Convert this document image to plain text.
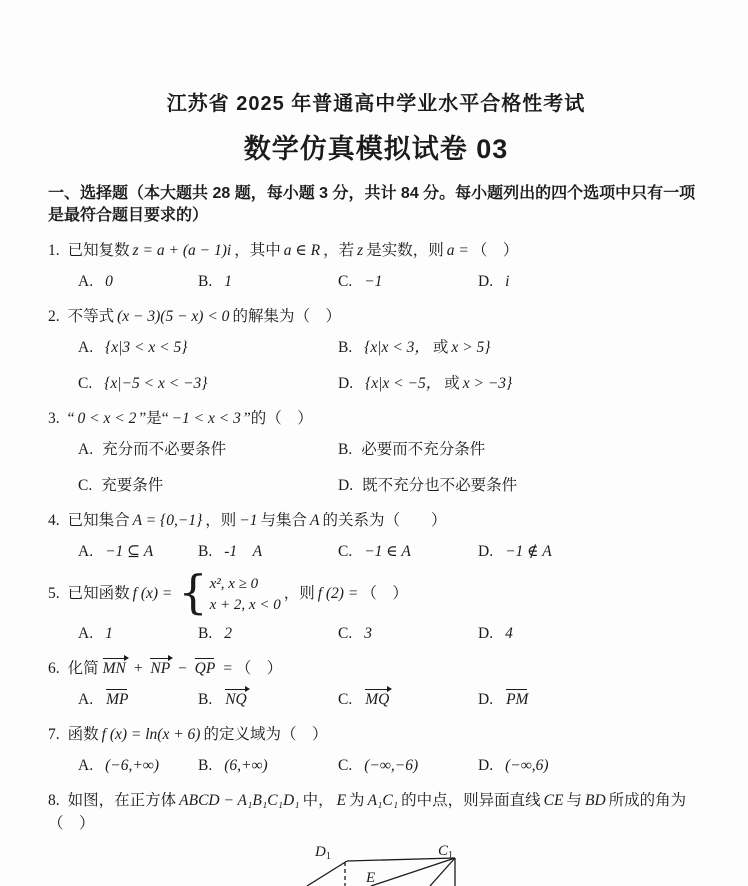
江苏省 2025 年普通高中学业水平合格性考试
数学仿真模拟试卷 03
一、选择题（本大题共 28 题，每小题 3 分，共计 84 分。每小题列出的四个选项中只有一项是最符合题目要求的）
1. 已知复数 z = a + (a − 1)i ，其中 a ∈ R ，若 z 是实数，则 a = （　）
A. 0	B. 1	C. −1	D. i
2. 不等式 (x − 3)(5 − x) < 0 的解集为（　）
A. {x|3 < x < 5}	B. {x|x < 3， 或 x > 5}
C. {x|−5 < x < −3}	D. {x|x < −5， 或 x > −3}
3. “ 0 < x < 2 ”是“ −1 < x < 3 ”的（　）
A. 充分而不必要条件	B. 必要而不充分条件
C. 充要条件	D. 既不充分也不必要条件
4. 已知集合 A = {0,−1} ，则 −1 与集合 A 的关系为（　　）
A. −1 ⊆ A	B. -1　A	C. −1 ∈ A	D. −1 ∉ A
5. 已知函数 f (x) = { x², x ≥ 0
x + 2, x < 0
，则 f (2) = （　）
A. 1	B. 2	C. 3	D. 4
6. 化简 MN + NP − QP = （　）
A. MP	B. NQ	C. MQ	D. PM
7. 函数 f (x) = ln(x + 6) 的定义域为（　）
A. (−6,+∞)	B. (6,+∞)	C. (−∞,−6)	D. (−∞,6)
8. 如图，在正方体 ABCD − A₁B₁C₁D₁ 中， E 为 A₁C₁ 的中点，则异面直线 CE 与 BD 所成的角为（　）
$D_1$	$C_1$
E
